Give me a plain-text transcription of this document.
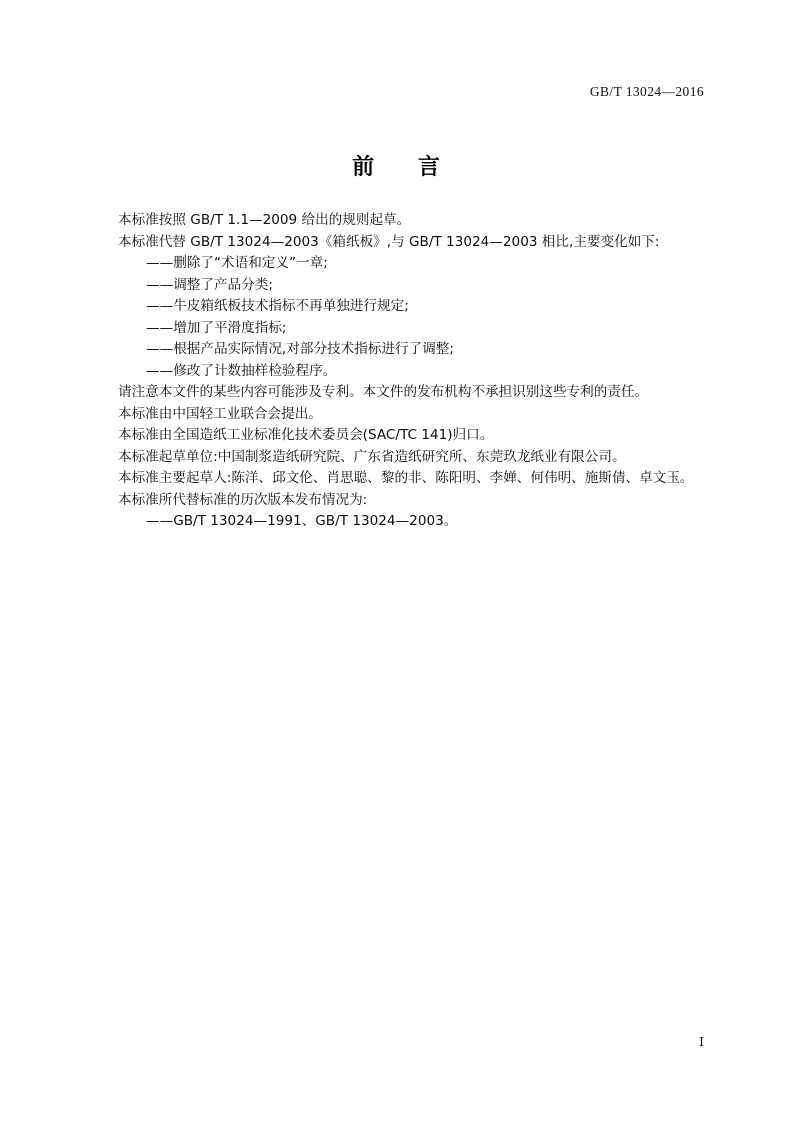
GB/T 13024—2016
前 言

本标准按照 GB/T 1.1—2009 给出的规则起草。

本标准代替 GB/T 13024—2003《箱纸板》,与 GB/T 13024—2003 相比,主要变化如下:

——删除了“术语和定义”一章;

——调整了产品分类;

——牛皮箱纸板技术指标不再单独进行规定;

——增加了平滑度指标;

——根据产品实际情况,对部分技术指标进行了调整;

——修改了计数抽样检验程序。

请注意本文件的某些内容可能涉及专利。本文件的发布机构不承担识别这些专利的责任。

本标准由中国轻工业联合会提出。

本标准由全国造纸工业标准化技术委员会(SAC/TC 141)归口。

本标准起草单位:中国制浆造纸研究院、广东省造纸研究所、东莞玖龙纸业有限公司。

本标准主要起草人:陈洋、邱文伦、肖思聪、黎的非、陈阳明、李婵、何伟明、施斯倩、卓文玉。

本标准所代替标准的历次版本发布情况为:

——GB/T 13024—1991、GB/T 13024—2003。

Ⅰ
